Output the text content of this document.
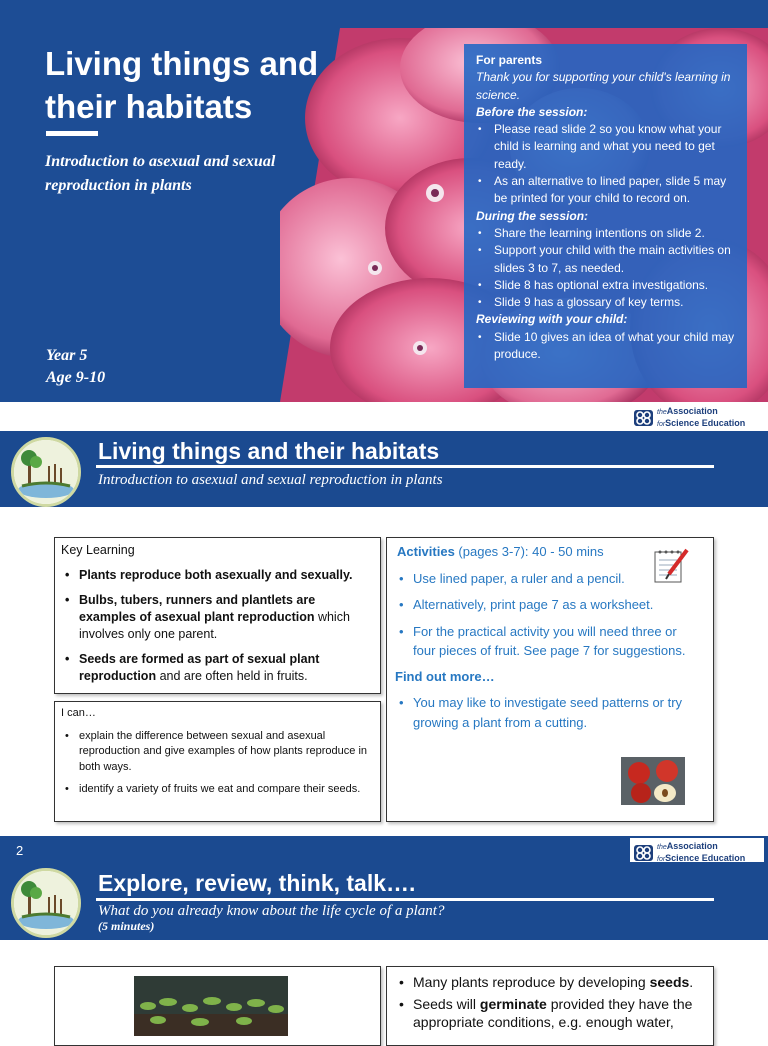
Living things and their habitats
Introduction to asexual and sexual reproduction in plants
Year 5
Age 9-10
For parents
Thank you for supporting your child's learning in science.
Before the session:
• Please read slide 2 so you know what your child is learning and what you need to get ready.
• As an alternative to lined paper, slide 5 may be printed for your child to record on.
During the session:
• Share the learning intentions on slide 2.
• Support your child with the main activities on slides 3 to 7, as needed.
• Slide 8 has optional extra investigations.
• Slide 9 has a glossary of key terms.
Reviewing with your child:
• Slide 10 gives an idea of what your child may produce.
theAssociation
forScience Education
Living things and their habitats
Introduction to asexual and sexual reproduction in plants
Key Learning
• Plants reproduce both asexually and sexually.
• Bulbs, tubers, runners and plantlets are examples of asexual plant reproduction which involves only one parent.
• Seeds are formed as part of sexual plant reproduction and are often held in fruits.
I can…
• explain the difference between sexual and asexual reproduction and give examples of how plants reproduce in both ways.
• identify a variety of fruits we eat and compare their seeds.
Activities (pages 3-7): 40 - 50 mins
• Use lined paper, a ruler and a pencil.
• Alternatively, print page 7 as a worksheet.
• For the practical activity you will need three or four pieces of fruit. See page 7 for suggestions.
Find out more…
• You may like to investigate seed patterns or try growing a plant from a cutting.
2	theAssociation
forScience Education
Explore, review, think, talk….
What do you already know about the life cycle of a plant?
(5 minutes)
• Many plants reproduce by developing seeds.
• Seeds will germinate provided they have the appropriate conditions, e.g. enough water,
